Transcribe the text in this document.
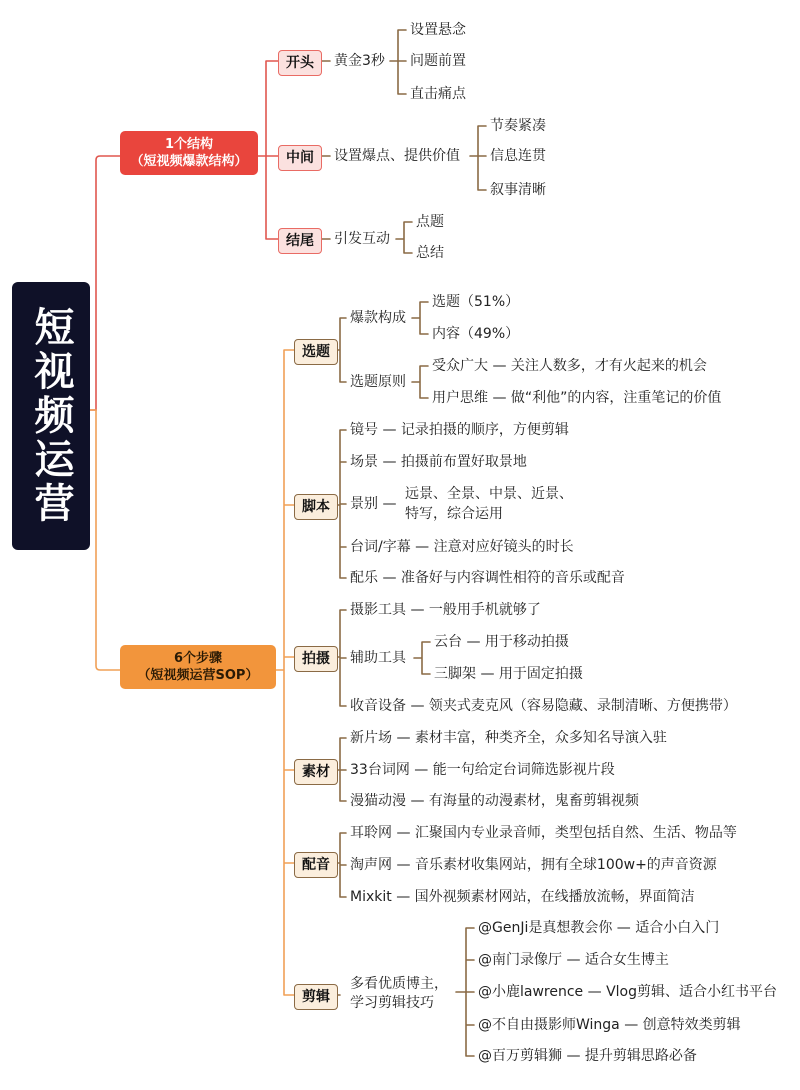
短视频运营
1个结构
（短视频爆款结构）
开头	黄金3秒
设置悬念
问题前置
直击痛点
中间	设置爆点、提供价值
节奏紧凑
信息连贯
叙事清晰
结尾	引发互动
点题
总结
6个步骤
（短视频运营SOP）
选题
爆款构成
选题（51%）
内容（49%）
选题原则
受众广大 — 关注人数多，才有火起来的机会
用户思维 — 做“利他”的内容，注重笔记的价值
脚本
镜号 — 记录拍摄的顺序，方便剪辑
场景 — 拍摄前布置好取景地
景别 —
远景、全景、中景、近景、
特写，综合运用
台词/字幕 — 注意对应好镜头的时长
配乐 — 准备好与内容调性相符的音乐或配音
拍摄
摄影工具 — 一般用手机就够了
辅助工具
云台 — 用于移动拍摄
三脚架 — 用于固定拍摄
收音设备 — 领夹式麦克风（容易隐藏、录制清晰、方便携带）
素材
新片场 — 素材丰富，种类齐全，众多知名导演入驻
33台词网 — 能一句给定台词筛选影视片段
漫猫动漫 — 有海量的动漫素材，鬼畜剪辑视频
配音
耳聆网 — 汇聚国内专业录音师，类型包括自然、生活、物品等
淘声网 — 音乐素材收集网站，拥有全球100w+的声音资源
Mixkit — 国外视频素材网站，在线播放流畅，界面简洁
剪辑
多看优质博主，
学习剪辑技巧
@GenJi是真想教会你 — 适合小白入门
@南门录像厅 — 适合女生博主
@小鹿lawrence — Vlog剪辑、适合小红书平台
@不自由摄影师Winga — 创意特效类剪辑
@百万剪辑狮 — 提升剪辑思路必备
